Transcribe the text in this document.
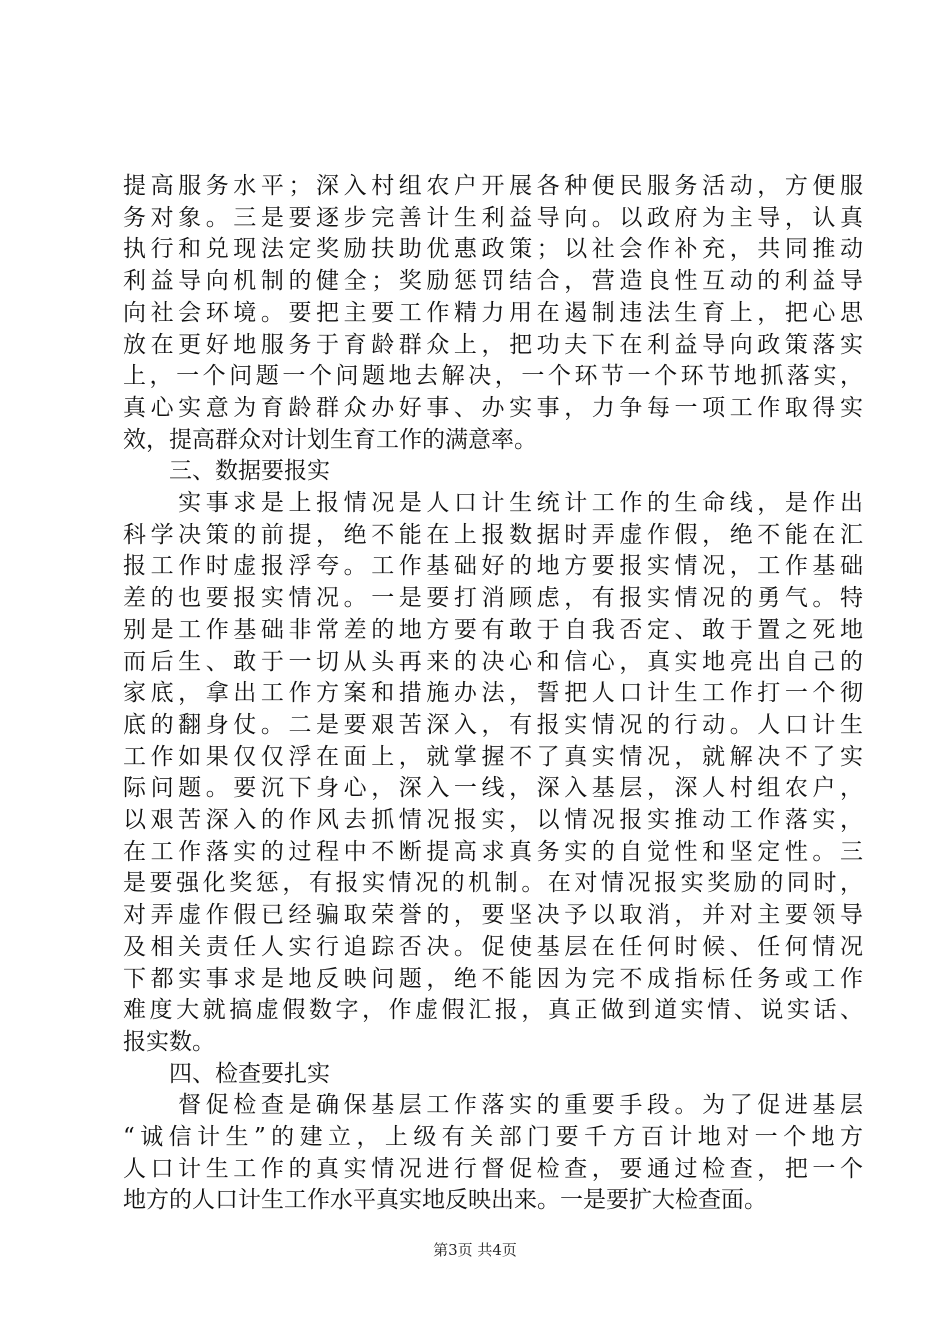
提高服务水平；深入村组农户开展各种便民服务活动，方便服
务对象。三是要逐步完善计生利益导向。以政府为主导，认真
执行和兑现法定奖励扶助优惠政策；以社会作补充，共同推动
利益导向机制的健全；奖励惩罚结合，营造良性互动的利益导
向社会环境。要把主要工作精力用在遏制违法生育上，把心思
放在更好地服务于育龄群众上，把功夫下在利益导向政策落实
上，一个问题一个问题地去解决，一个环节一个环节地抓落实，
真心实意为育龄群众办好事、办实事，力争每一项工作取得实
效，提高群众对计划生育工作的满意率。
　　三、数据要报实
　　实事求是上报情况是人口计生统计工作的生命线，是作出
科学决策的前提，绝不能在上报数据时弄虚作假，绝不能在汇
报工作时虚报浮夸。工作基础好的地方要报实情况，工作基础
差的也要报实情况。一是要打消顾虑，有报实情况的勇气。特
别是工作基础非常差的地方要有敢于自我否定、敢于置之死地
而后生、敢于一切从头再来的决心和信心，真实地亮出自己的
家底，拿出工作方案和措施办法，誓把人口计生工作打一个彻
底的翻身仗。二是要艰苦深入，有报实情况的行动。人口计生
工作如果仅仅浮在面上，就掌握不了真实情况，就解决不了实
际问题。要沉下身心，深入一线，深入基层，深人村组农户，
以艰苦深入的作风去抓情况报实，以情况报实推动工作落实，
在工作落实的过程中不断提高求真务实的自觉性和坚定性。三
是要强化奖惩，有报实情况的机制。在对情况报实奖励的同时，
对弄虚作假已经骗取荣誉的，要坚决予以取消，并对主要领导
及相关责任人实行追踪否决。促使基层在任何时候、任何情况
下都实事求是地反映问题，绝不能因为完不成指标任务或工作
难度大就搞虚假数字，作虚假汇报，真正做到道实情、说实话、
报实数。
　　四、检查要扎实
　　督促检查是确保基层工作落实的重要手段。为了促进基层
“诚信计生”的建立，上级有关部门要千方百计地对一个地方
人口计生工作的真实情况进行督促检查，要通过检查，把一个
地方的人口计生工作水平真实地反映出来。一是要扩大检查面。
第3页 共4页
